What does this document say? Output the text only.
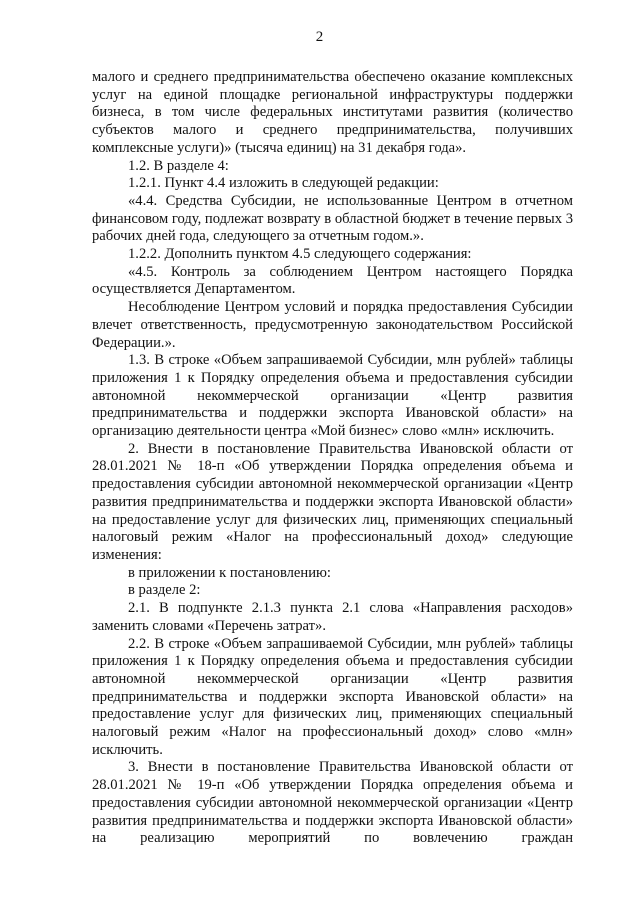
2

малого и среднего предпринимательства обеспечено оказание комплексных услуг на единой площадке региональной инфраструктуры поддержки бизнеса, в том числе федеральных институтами развития (количество субъектов малого и среднего предпринимательства, получивших комплексные услуги)» (тысяча единиц) на 31 декабря года».

1.2. В разделе 4:

1.2.1. Пункт 4.4 изложить в следующей редакции:

«4.4. Средства Субсидии, не использованные Центром в отчетном финансовом году, подлежат возврату в областной бюджет в течение первых 3 рабочих дней года, следующего за отчетным годом.».

1.2.2. Дополнить пунктом 4.5 следующего содержания:

«4.5. Контроль за соблюдением Центром настоящего Порядка осуществляется Департаментом.

Несоблюдение Центром условий и порядка предоставления Субсидии влечет ответственность, предусмотренную законодательством Российской Федерации.».

1.3. В строке «Объем запрашиваемой Субсидии, млн рублей» таблицы приложения 1 к Порядку определения объема и предоставления субсидии автономной некоммерческой организации «Центр развития предпринимательства и поддержки экспорта Ивановской области» на организацию деятельности центра «Мой бизнес» слово «млн» исключить.

2. Внести в постановление Правительства Ивановской области от 28.01.2021 № 18-п «Об утверждении Порядка определения объема и предоставления субсидии автономной некоммерческой организации «Центр развития предпринимательства и поддержки экспорта Ивановской области» на предоставление услуг для физических лиц, применяющих специальный налоговый режим «Налог на профессиональный доход» следующие изменения:

в приложении к постановлению:

в разделе 2:

2.1. В подпункте 2.1.3 пункта 2.1 слова «Направления расходов» заменить словами «Перечень затрат».

2.2. В строке «Объем запрашиваемой Субсидии, млн рублей» таблицы приложения 1 к Порядку определения объема и предоставления субсидии автономной некоммерческой организации «Центр развития предпринимательства и поддержки экспорта Ивановской области» на предоставление услуг для физических лиц, применяющих специальный налоговый режим «Налог на профессиональный доход» слово «млн» исключить.

3. Внести в постановление Правительства Ивановской области от 28.01.2021 № 19-п «Об утверждении Порядка определения объема и предоставления субсидии автономной некоммерческой организации «Центр развития предпринимательства и поддержки экспорта Ивановской области» на реализацию мероприятий по вовлечению граждан
